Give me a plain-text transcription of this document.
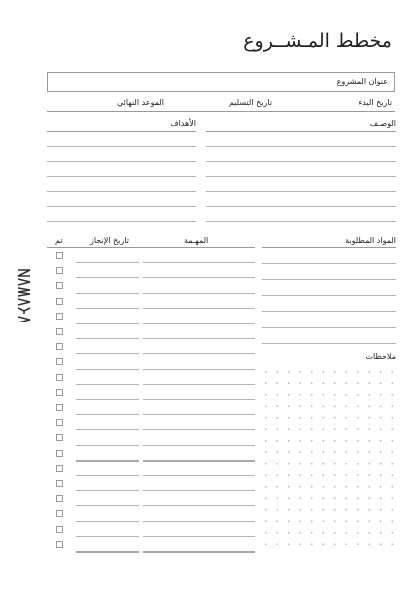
مخطط المـشــروع
عنوان المشروع
تاريخ البدء
تاريخ التسليم
الموعد النهائي
الوصـف
الأهداف
تم	تاريخ الإنجاز	المهـمة	المواد المطلوبة
ملاحظات
